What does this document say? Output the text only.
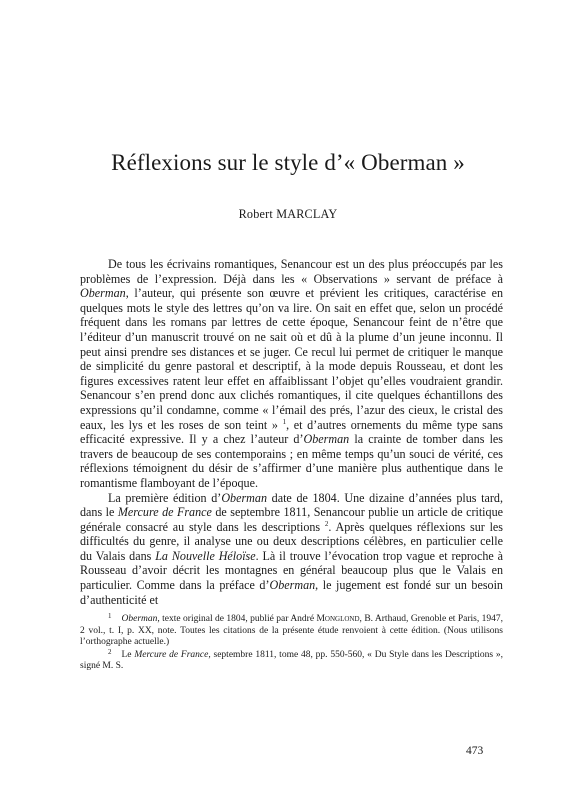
Réflexions sur le style d’« Oberman »
Robert MARCLAY

De tous les écrivains romantiques, Senancour est un des plus préoccupés par les problèmes de l’expression. Déjà dans les « Observations » servant de préface à Oberman, l’auteur, qui présente son œuvre et prévient les critiques, caractérise en quelques mots le style des lettres qu’on va lire. On sait en effet que, selon un procédé fréquent dans les romans par lettres de cette époque, Senancour feint de n’être que l’éditeur d’un manuscrit trouvé on ne sait où et dû à la plume d’un jeune inconnu. Il peut ainsi prendre ses distances et se juger. Ce recul lui permet de critiquer le manque de simplicité du genre pastoral et descriptif, à la mode depuis Rousseau, et dont les figures excessives ratent leur effet en affaiblissant l’objet qu’elles voudraient grandir. Senancour s’en prend donc aux clichés romantiques, il cite quelques échantillons des expressions qu’il condamne, comme « l’émail des prés, l’azur des cieux, le cristal des eaux, les lys et les roses de son teint » $^1$, et d’autres ornements du même type sans efficacité expressive. Il y a chez l’auteur d’Oberman la crainte de tomber dans les travers de beaucoup de ses contemporains ; en même temps qu’un souci de vérité, ces réflexions témoignent du désir de s’affirmer d’une manière plus authentique dans le romantisme flamboyant de l’époque.

La première édition d’Oberman date de 1804. Une dizaine d’années plus tard, dans le Mercure de France de septembre 1811, Senancour publie un article de critique générale consacré au style dans les descriptions $^2$. Après quelques réflexions sur les difficultés du genre, il analyse une ou deux descriptions célèbres, en particulier celle du Valais dans La Nouvelle Héloïse. Là il trouve l’évocation trop vague et reproche à Rousseau d’avoir décrit les montagnes en général beaucoup plus que le Valais en particulier. Comme dans la préface d’Oberman, le jugement est fondé sur un besoin d’authenticité et

$^1$ Oberman, texte original de 1804, publié par André Monglond, B. Arthaud, Grenoble et Paris, 1947, 2 vol., t. I, p. XX, note. Toutes les citations de la présente étude renvoient à cette édition. (Nous utilisons l’orthographe actuelle.)

$^2$ Le Mercure de France, septembre 1811, tome 48, pp. 550-560, « Du Style dans les Descriptions », signé M. S.

473
